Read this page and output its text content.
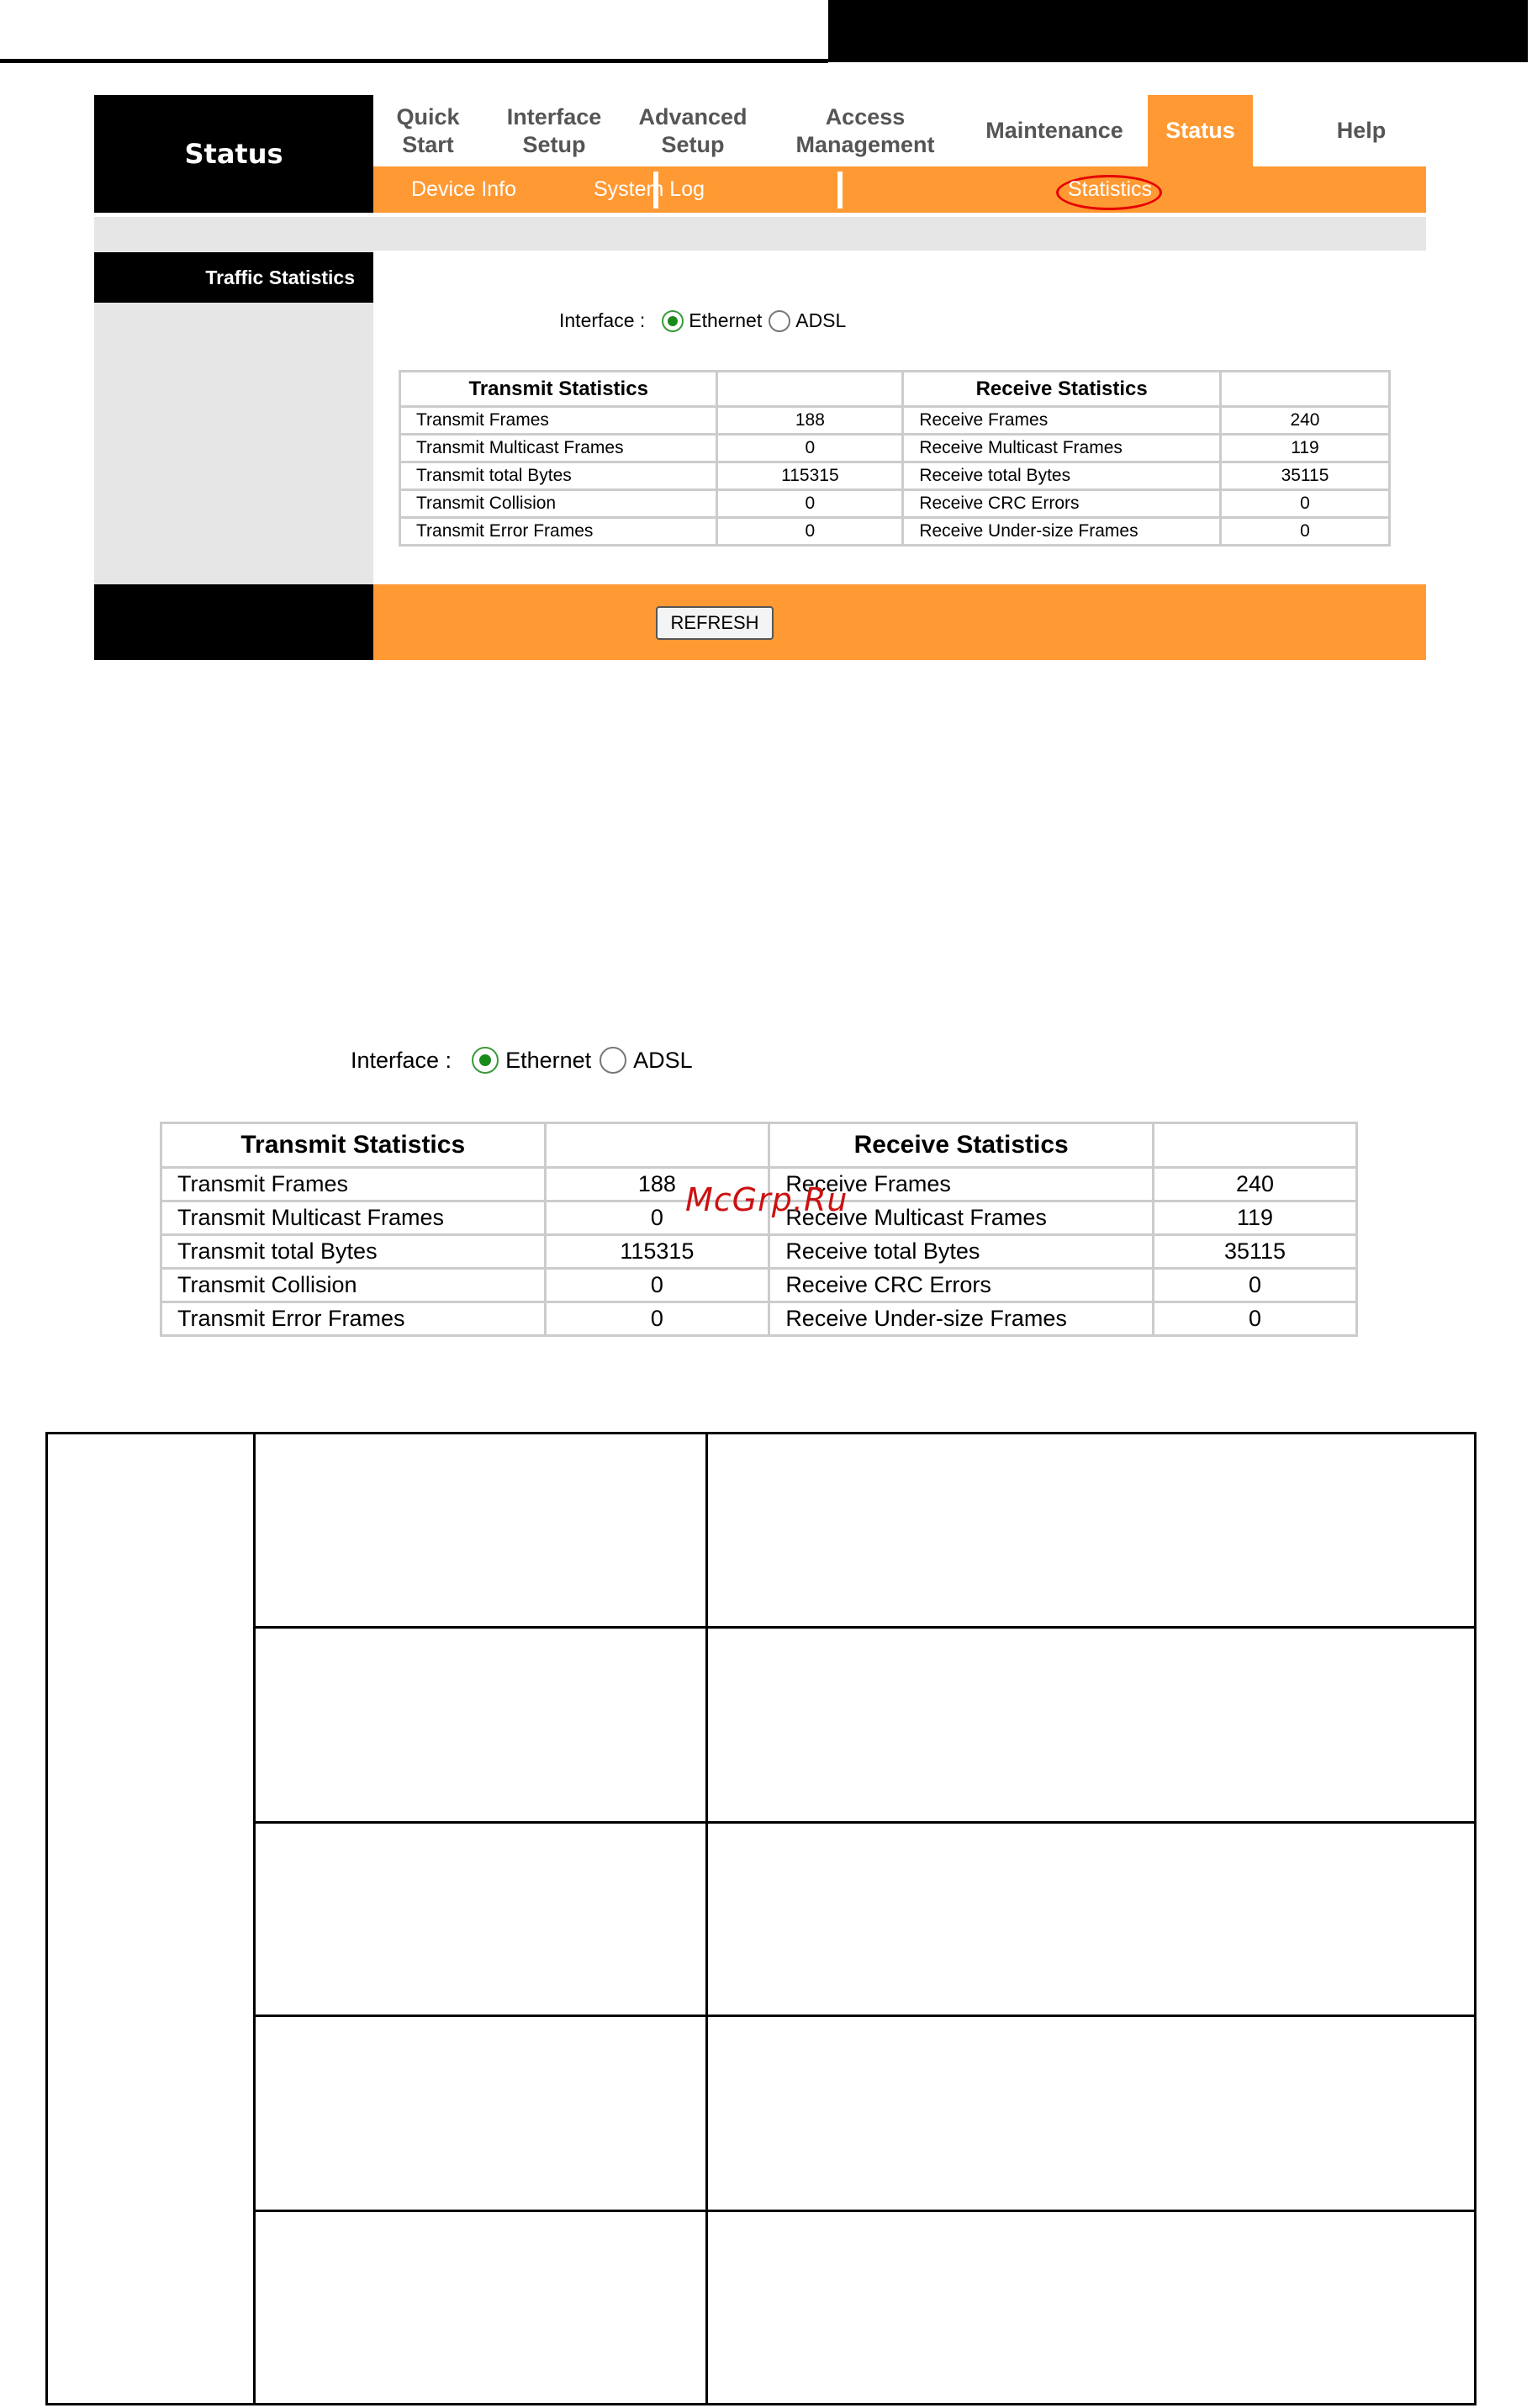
Status
Quick
Start
Interface
Setup
Advanced
Setup
Access
Management
Maintenance Status	Help
Device Info	System Log	Statistics
Traffic Statistics
Interface : Ethernet ADSL
Transmit Statistics		Receive Statistics	
Transmit Frames	188	Receive Frames	240
Transmit Multicast Frames	0	Receive Multicast Frames	119
Transmit total Bytes	115315	Receive total Bytes	35115
Transmit Collision	0	Receive CRC Errors	0
Transmit Error Frames	0	Receive Under-size Frames	0
REFRESH
Interface : Ethernet ADSL
Transmit Statistics		Receive Statistics	
Transmit Frames	188	Receive Frames	240
Transmit Multicast Frames	0	Receive Multicast Frames	119
Transmit total Bytes	115315	Receive total Bytes	35115
Transmit Collision	0	Receive CRC Errors	0
Transmit Error Frames	0	Receive Under-size Frames	0
McGrp.Ru
